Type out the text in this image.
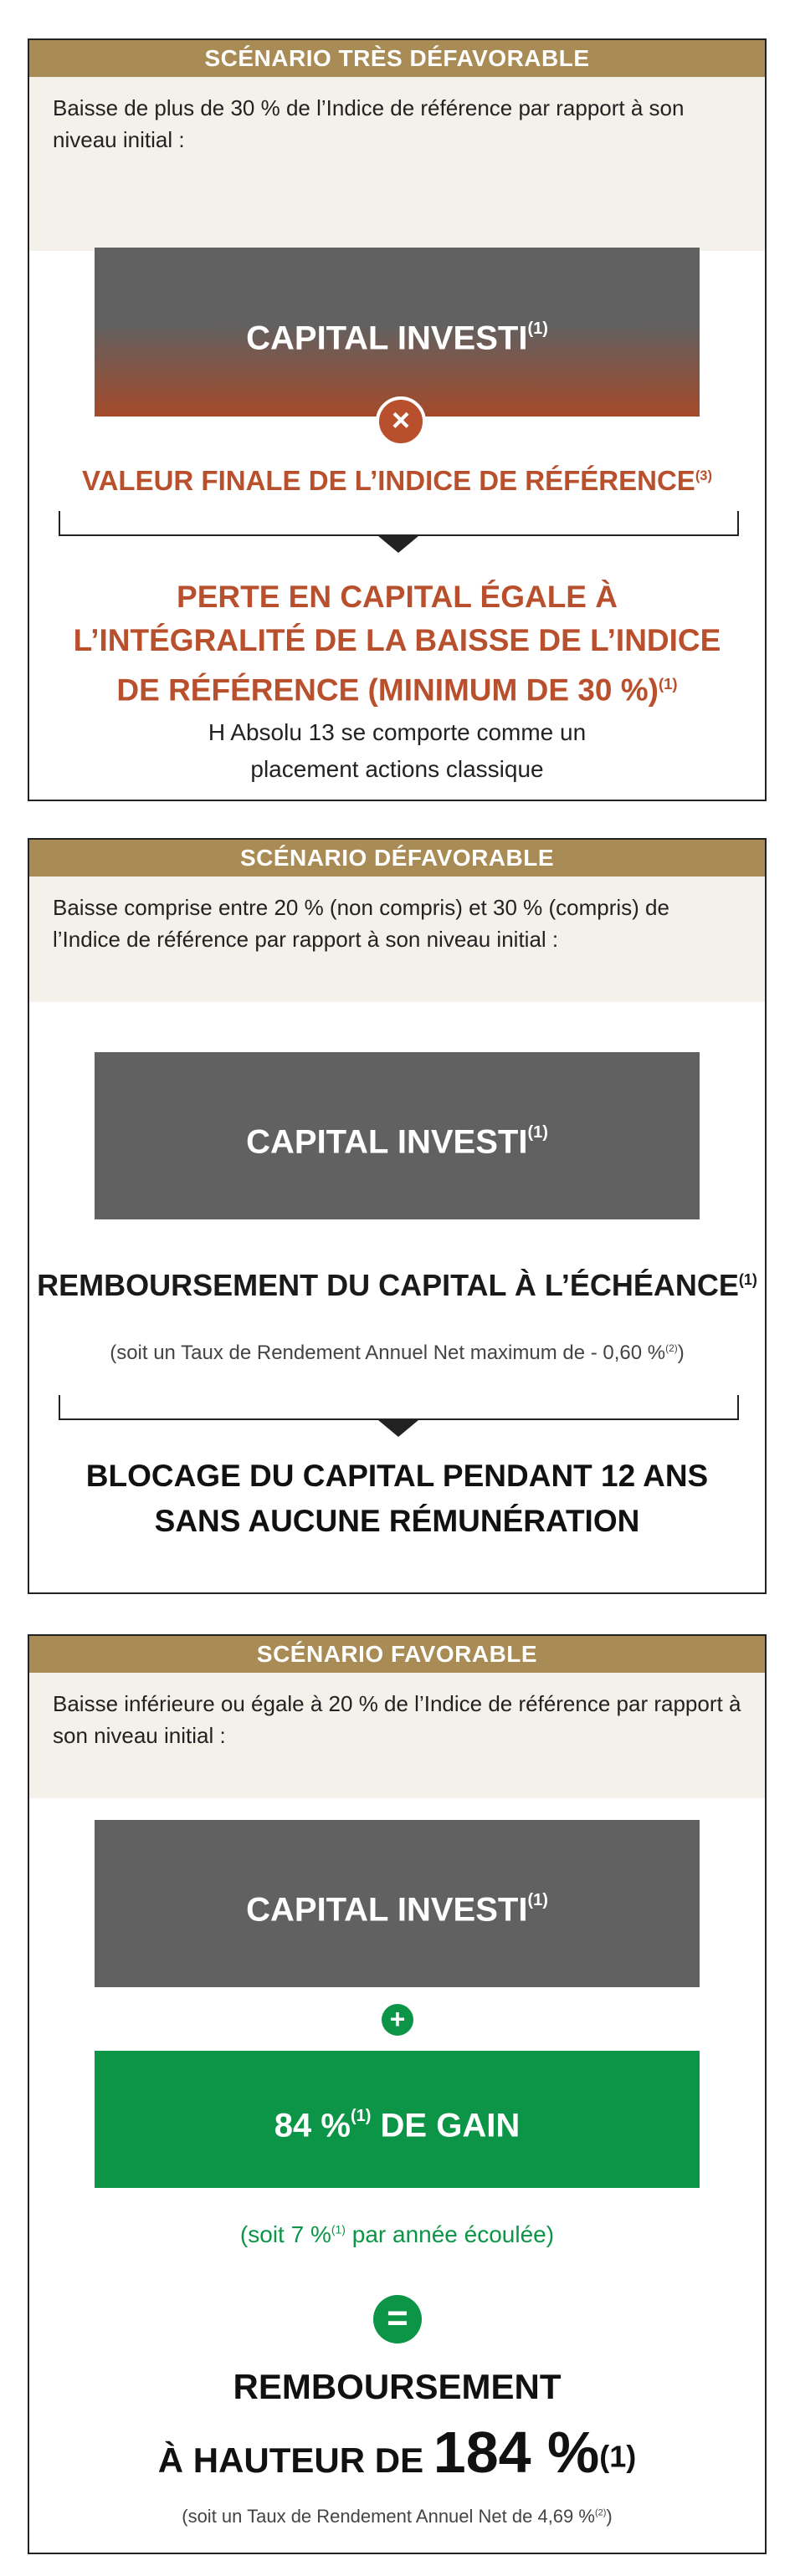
SCÉNARIO TRÈS DÉFAVORABLE
Baisse de plus de 30 % de l’Indice de référence par rapport à son niveau initial :
CAPITAL $INVESTI^{(1)}$
×
VALEUR FINALE DE L’INDICE DE RÉFÉRENCE$^{(3)}$
PERTE EN CAPITAL ÉGALE À
L’INTÉGRALITÉ DE LA BAISSE DE L’INDICE
DE RÉFÉRENCE (MINIMUM DE 30 %)$^{(1)}$
H Absolu 13 se comporte comme un
placement actions classique
SCÉNARIO DÉFAVORABLE
Baisse comprise entre 20 % (non compris) et 30 % (compris) de l’Indice de référence par rapport à son niveau initial :
CAPITAL INVESTI$^{(1)}$
REMBOURSEMENT DU CAPITAL À L’ÉCHÉANCE$^{(1)}$
(soit un Taux de Rendement Annuel Net maximum de - 0,60 %$^{(2)}$)
BLOCAGE DU CAPITAL PENDANT 12 ANS
SANS AUCUNE RÉMUNÉRATION
SCÉNARIO FAVORABLE
Baisse inférieure ou égale à 20 % de l’Indice de référence par rapport à son niveau initial :
CAPITAL $INVESTI^{(1)}$
+
84 %$^{(1)}$ DE GAIN
(soit 7 %$^{(1)}$ par année écoulée)
=
REMBOURSEMENT
À HAUTEUR DE 184 %$^{(1)}$
(soit un Taux de Rendement Annuel Net de 4,69 %$^{(2)}$)
